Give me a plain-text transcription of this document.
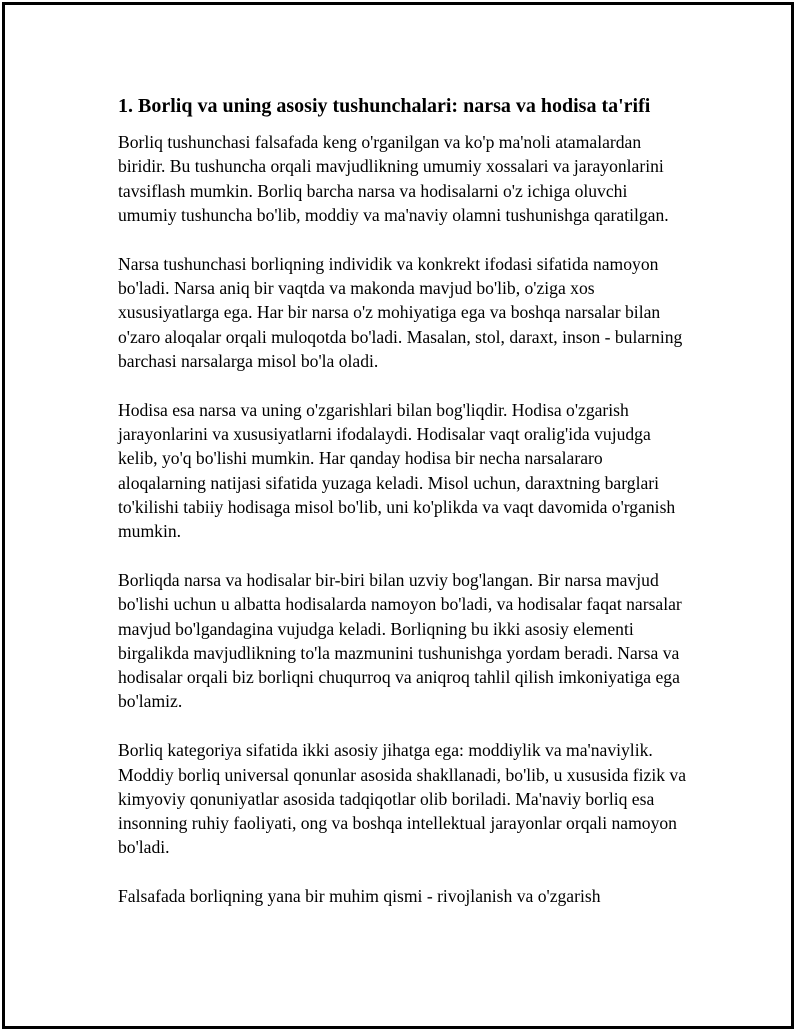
1. Borliq va uning asosiy tushunchalari: narsa va hodisa ta'rifi

Borliq tushunchasi falsafada keng o'rganilgan va ko'p ma'noli atamalardan biridir. Bu tushuncha orqali mavjudlikning umumiy xossalari va jarayonlarini tavsiflash mumkin. Borliq barcha narsa va hodisalarni o'z ichiga oluvchi umumiy tushuncha bo'lib, moddiy va ma'naviy olamni tushunishga qaratilgan.

Narsa tushunchasi borliqning individik va konkrekt ifodasi sifatida namoyon bo'ladi. Narsa aniq bir vaqtda va makonda mavjud bo'lib, o'ziga xos xususiyatlarga ega. Har bir narsa o'z mohiyatiga ega va boshqa narsalar bilan o'zaro aloqalar orqali muloqotda bo'ladi. Masalan, stol, daraxt, inson - bularning barchasi narsalarga misol bo'la oladi.

Hodisa esa narsa va uning o'zgarishlari bilan bog'liqdir. Hodisa o'zgarish jarayonlarini va xususiyatlarni ifodalaydi. Hodisalar vaqt oralig'ida vujudga kelib, yo'q bo'lishi mumkin. Har qanday hodisa bir necha narsalararo aloqalarning natijasi sifatida yuzaga keladi. Misol uchun, daraxtning barglari to'kilishi tabiiy hodisaga misol bo'lib, uni ko'plikda va vaqt davomida o'rganish mumkin.

Borliqda narsa va hodisalar bir-biri bilan uzviy bog'langan. Bir narsa mavjud bo'lishi uchun u albatta hodisalarda namoyon bo'ladi, va hodisalar faqat narsalar mavjud bo'lgandagina vujudga keladi. Borliqning bu ikki asosiy elementi birgalikda mavjudlikning to'la mazmunini tushunishga yordam beradi. Narsa va hodisalar orqali biz borliqni chuqurroq va aniqroq tahlil qilish imkoniyatiga ega bo'lamiz.

Borliq kategoriya sifatida ikki asosiy jihatga ega: moddiylik va ma'naviylik. Moddiy borliq universal qonunlar asosida shakllanadi, bo'lib, u xususida fizik va kimyoviy qonuniyatlar asosida tadqiqotlar olib boriladi. Ma'naviy borliq esa insonning ruhiy faoliyati, ong va boshqa intellektual jarayonlar orqali namoyon bo'ladi.

Falsafada borliqning yana bir muhim qismi - rivojlanish va o'zgarish
